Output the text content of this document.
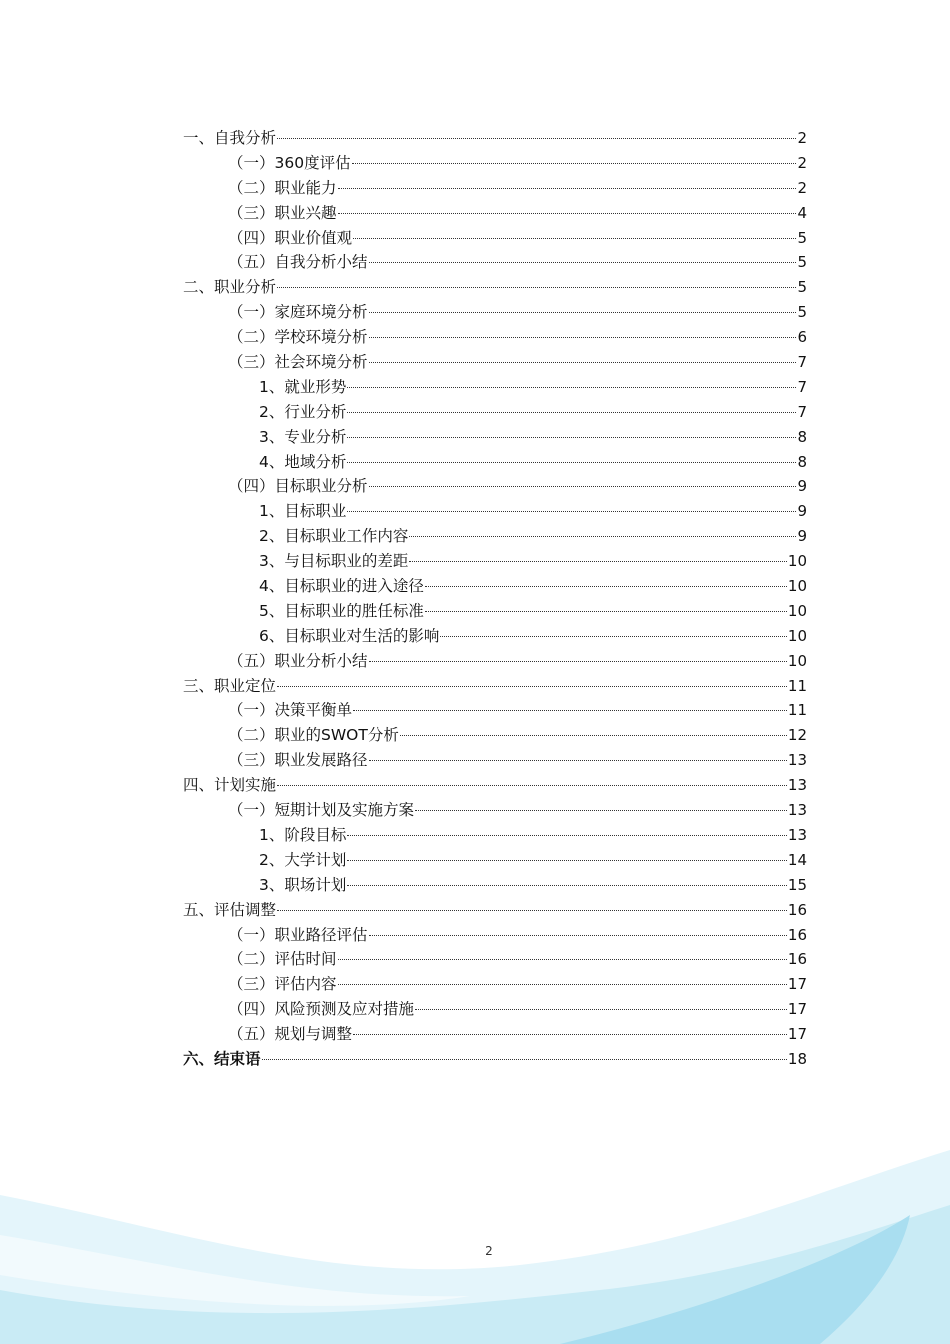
一、自我分析	2
（一）360度评估	2
（二）职业能力	2
（三）职业兴趣	4
（四）职业价值观	5
（五）自我分析小结	5
二、职业分析	5
（一）家庭环境分析	5
（二）学校环境分析	6
（三）社会环境分析	7
1、就业形势	7
2、行业分析	7
3、专业分析	8
4、地域分析	8
（四）目标职业分析	9
1、目标职业	9
2、目标职业工作内容	9
3、与目标职业的差距	10
4、目标职业的进入途径	10
5、目标职业的胜任标准	10
6、目标职业对生活的影响	10
（五）职业分析小结	10
三、职业定位	11
（一）决策平衡单	11
（二）职业的SWOT分析	12
（三）职业发展路径	13
四、计划实施	13
（一）短期计划及实施方案	13
1、阶段目标	13
2、大学计划	14
3、职场计划	15
五、评估调整	16
（一）职业路径评估	16
（二）评估时间	16
（三）评估内容	17
（四）风险预测及应对措施	17
（五）规划与调整	17
六、结束语	18
2
